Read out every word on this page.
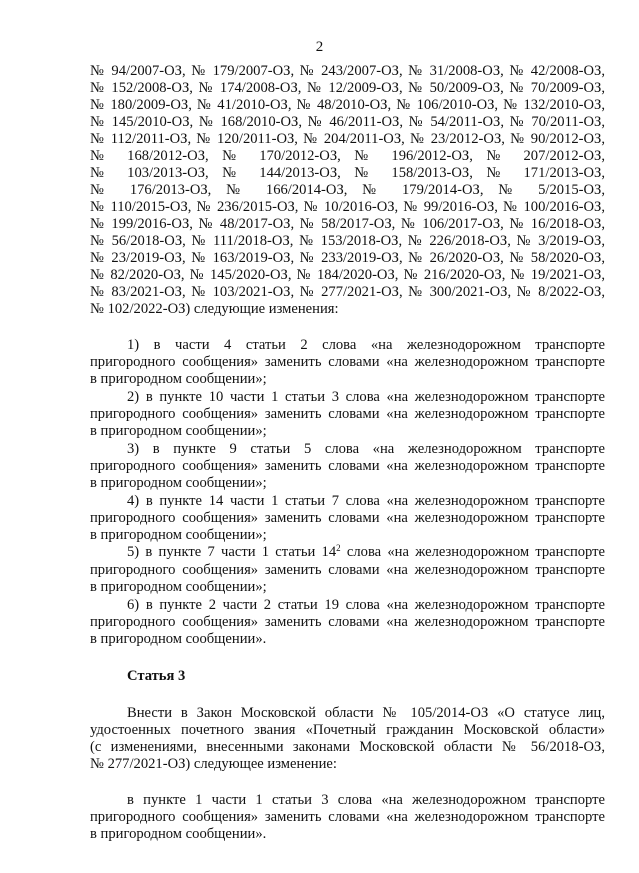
2
№ 94/2007-ОЗ, № 179/2007-ОЗ, № 243/2007-ОЗ, № 31/2008-ОЗ, № 42/2008-ОЗ,
№ 152/2008-ОЗ, № 174/2008-ОЗ, № 12/2009-ОЗ, № 50/2009-ОЗ, № 70/2009-ОЗ,
№ 180/2009-ОЗ, № 41/2010-ОЗ, № 48/2010-ОЗ, № 106/2010-ОЗ, № 132/2010-ОЗ,
№ 145/2010-ОЗ, № 168/2010-ОЗ, № 46/2011-ОЗ, № 54/2011-ОЗ, № 70/2011-ОЗ,
№ 112/2011-ОЗ, № 120/2011-ОЗ, № 204/2011-ОЗ, № 23/2012-ОЗ, № 90/2012-ОЗ,
№ 168/2012-ОЗ, № 170/2012-ОЗ, № 196/2012-ОЗ, № 207/2012-ОЗ,
№ 103/2013-ОЗ, № 144/2013-ОЗ, № 158/2013-ОЗ, № 171/2013-ОЗ,
№ 176/2013-ОЗ, № 166/2014-ОЗ, № 179/2014-ОЗ, № 5/2015-ОЗ,
№ 110/2015-ОЗ, № 236/2015-ОЗ, № 10/2016-ОЗ, № 99/2016-ОЗ, № 100/2016-ОЗ,
№ 199/2016-ОЗ, № 48/2017-ОЗ, № 58/2017-ОЗ, № 106/2017-ОЗ, № 16/2018-ОЗ,
№ 56/2018-ОЗ, № 111/2018-ОЗ, № 153/2018-ОЗ, № 226/2018-ОЗ, № 3/2019-ОЗ,
№ 23/2019-ОЗ, № 163/2019-ОЗ, № 233/2019-ОЗ, № 26/2020-ОЗ, № 58/2020-ОЗ,
№ 82/2020-ОЗ, № 145/2020-ОЗ, № 184/2020-ОЗ, № 216/2020-ОЗ, № 19/2021-ОЗ,
№ 83/2021-ОЗ, № 103/2021-ОЗ, № 277/2021-ОЗ, № 300/2021-ОЗ, № 8/2022-ОЗ,
№ 102/2022-ОЗ) следующие изменения:
1) в части 4 статьи 2 слова «на железнодорожном транспорте
пригородного сообщения» заменить словами «на железнодорожном транспорте
в пригородном сообщении»;
2) в пункте 10 части 1 статьи 3 слова «на железнодорожном транспорте
пригородного сообщения» заменить словами «на железнодорожном транспорте
в пригородном сообщении»;
3) в пункте 9 статьи 5 слова «на железнодорожном транспорте
пригородного сообщения» заменить словами «на железнодорожном транспорте
в пригородном сообщении»;
4) в пункте 14 части 1 статьи 7 слова «на железнодорожном транспорте
пригородного сообщения» заменить словами «на железнодорожном транспорте
в пригородном сообщении»;
5) в пункте 7 части 1 статьи $14^2$ слова «на железнодорожном транспорте
пригородного сообщения» заменить словами «на железнодорожном транспорте
в пригородном сообщении»;
6) в пункте 2 части 2 статьи 19 слова «на железнодорожном транспорте
пригородного сообщения» заменить словами «на железнодорожном транспорте
в пригородном сообщении».
Статья 3
Внести в Закон Московской области № 105/2014-ОЗ «О статусе лиц,
удостоенных почетного звания «Почетный гражданин Московской области»
(с изменениями, внесенными законами Московской области № 56/2018-ОЗ,
№ 277/2021-ОЗ) следующее изменение:
в пункте 1 части 1 статьи 3 слова «на железнодорожном транспорте
пригородного сообщения» заменить словами «на железнодорожном транспорте
в пригородном сообщении».
